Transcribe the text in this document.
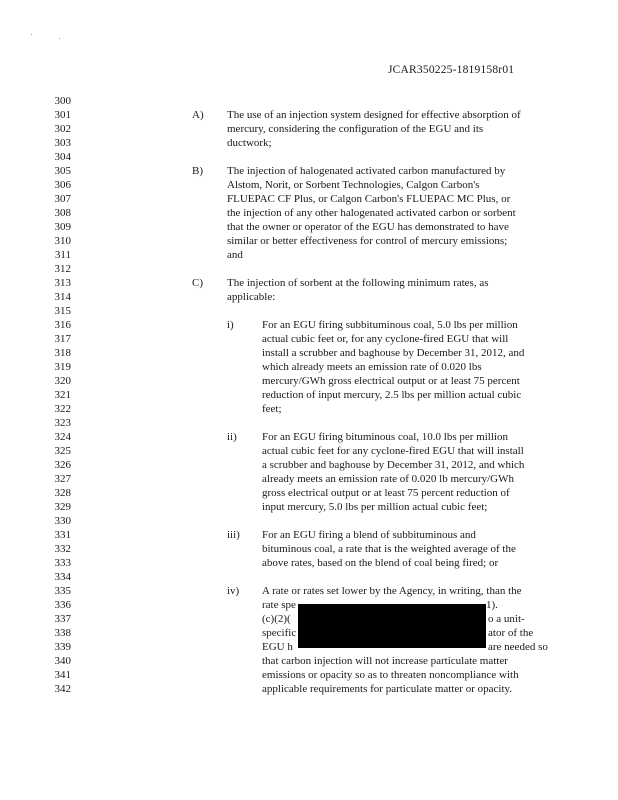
JCAR350225-1819158r01
300
301
302
303
304
305
306
307
308
309
310
311
312
313
314
315
316
317
318
319
320
321
322
323
324
325
326
327
328
329
330
331
332
333
334
335
336
337
338
339
340
341
342
A) The use of an injection system designed for effective absorption of
mercury, considering the configuration of the EGU and its
ductwork;
B) The injection of halogenated activated carbon manufactured by
Alstom, Norit, or Sorbent Technologies, Calgon Carbon's
FLUEPAC CF Plus, or Calgon Carbon's FLUEPAC MC Plus, or
the injection of any other halogenated activated carbon or sorbent
that the owner or operator of the EGU has demonstrated to have
similar or better effectiveness for control of mercury emissions;
and
C) The injection of sorbent at the following minimum rates, as
applicable:
i)	For an EGU firing subbituminous coal, 5.0 lbs per million
actual cubic feet or, for any cyclone-fired EGU that will
install a scrubber and baghouse by December 31, 2012, and
which already meets an emission rate of 0.020 lbs
mercury/GWh gross electrical output or at least 75 percent
reduction of input mercury, 2.5 lbs per million actual cubic
feet;
ii) For an EGU firing bituminous coal, 10.0 lbs per million
actual cubic feet for any cyclone-fired EGU that will install
a scrubber and baghouse by December 31, 2012, and which
already meets an emission rate of 0.020 lb mercury/GWh
gross electrical output or at least 75 percent reduction of
input mercury, 5.0 lbs per million actual cubic feet;
iii) For an EGU firing a blend of subbituminous and
bituminous coal, a rate that is the weighted average of the
above rates, based on the blend of coal being fired; or
iv) A rate or rates set lower by the Agency, in writing, than the
rate spe
(c)(2)(
specific
EGU h
that carbon injection will not increase particulate matter
emissions or opacity so as to threaten noncompliance with
applicable requirements for particulate matter or opacity.
1).
o a unit-
ator of the
are needed so
